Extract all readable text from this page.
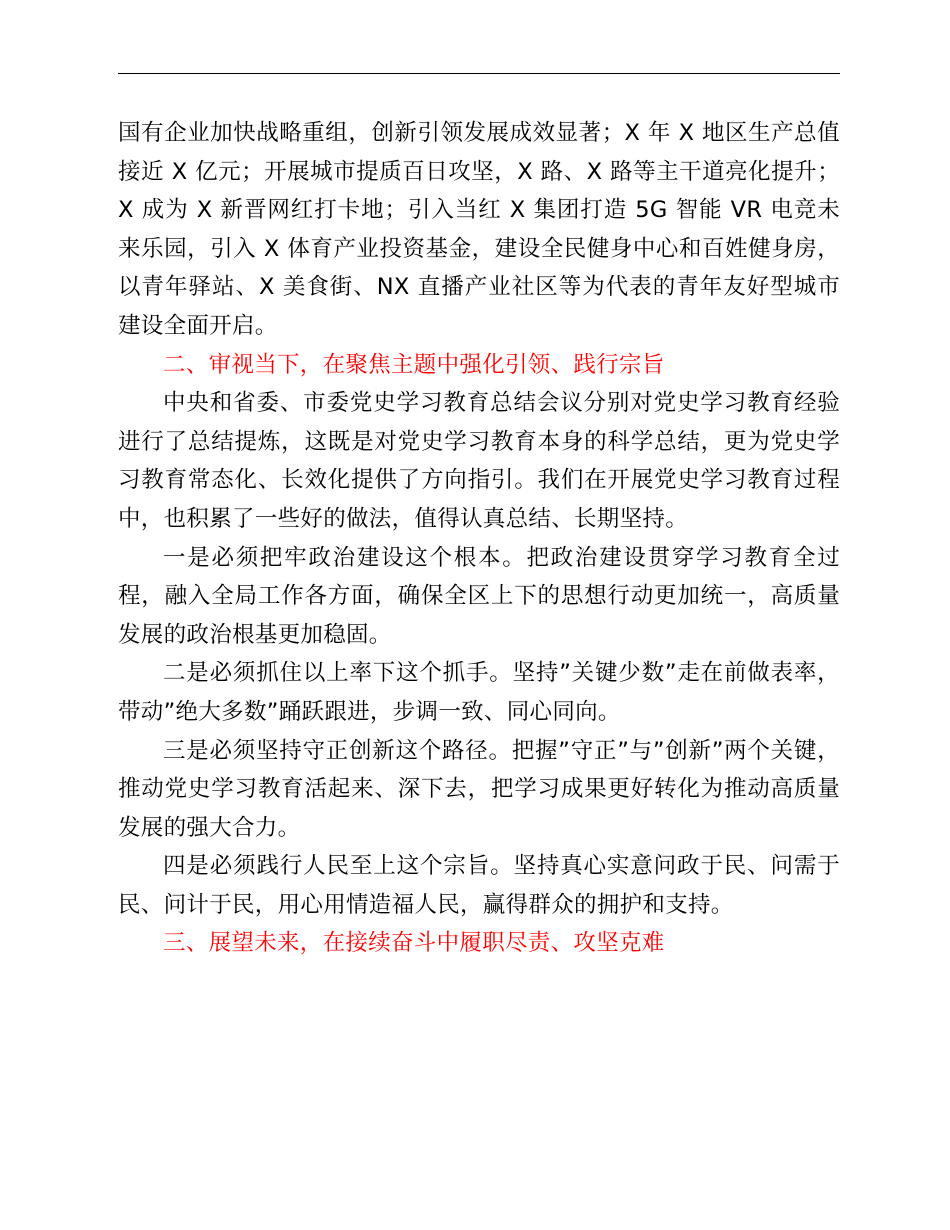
国有企业加快战略重组，创新引领发展成效显著；X 年 X 地区生产总值接近 X 亿元；开展城市提质百日攻坚，X 路、X 路等主干道亮化提升；X 成为 X 新晋网红打卡地；引入当红 X 集团打造 5G 智能 VR 电竞未来乐园，引入 X 体育产业投资基金，建设全民健身中心和百姓健身房，以青年驿站、X 美食街、NX 直播产业社区等为代表的青年友好型城市建设全面开启。

二、审视当下，在聚焦主题中强化引领、践行宗旨

中央和省委、市委党史学习教育总结会议分别对党史学习教育经验进行了总结提炼，这既是对党史学习教育本身的科学总结，更为党史学习教育常态化、长效化提供了方向指引。我们在开展党史学习教育过程中，也积累了一些好的做法，值得认真总结、长期坚持。

一是必须把牢政治建设这个根本。把政治建设贯穿学习教育全过程，融入全局工作各方面，确保全区上下的思想行动更加统一，高质量发展的政治根基更加稳固。

二是必须抓住以上率下这个抓手。坚持”关键少数”走在前做表率，带动”绝大多数”踊跃跟进，步调一致、同心同向。

三是必须坚持守正创新这个路径。把握”守正”与”创新”两个关键，推动党史学习教育活起来、深下去，把学习成果更好转化为推动高质量发展的强大合力。

四是必须践行人民至上这个宗旨。坚持真心实意问政于民、问需于民、问计于民，用心用情造福人民，赢得群众的拥护和支持。

三、展望未来，在接续奋斗中履职尽责、攻坚克难
